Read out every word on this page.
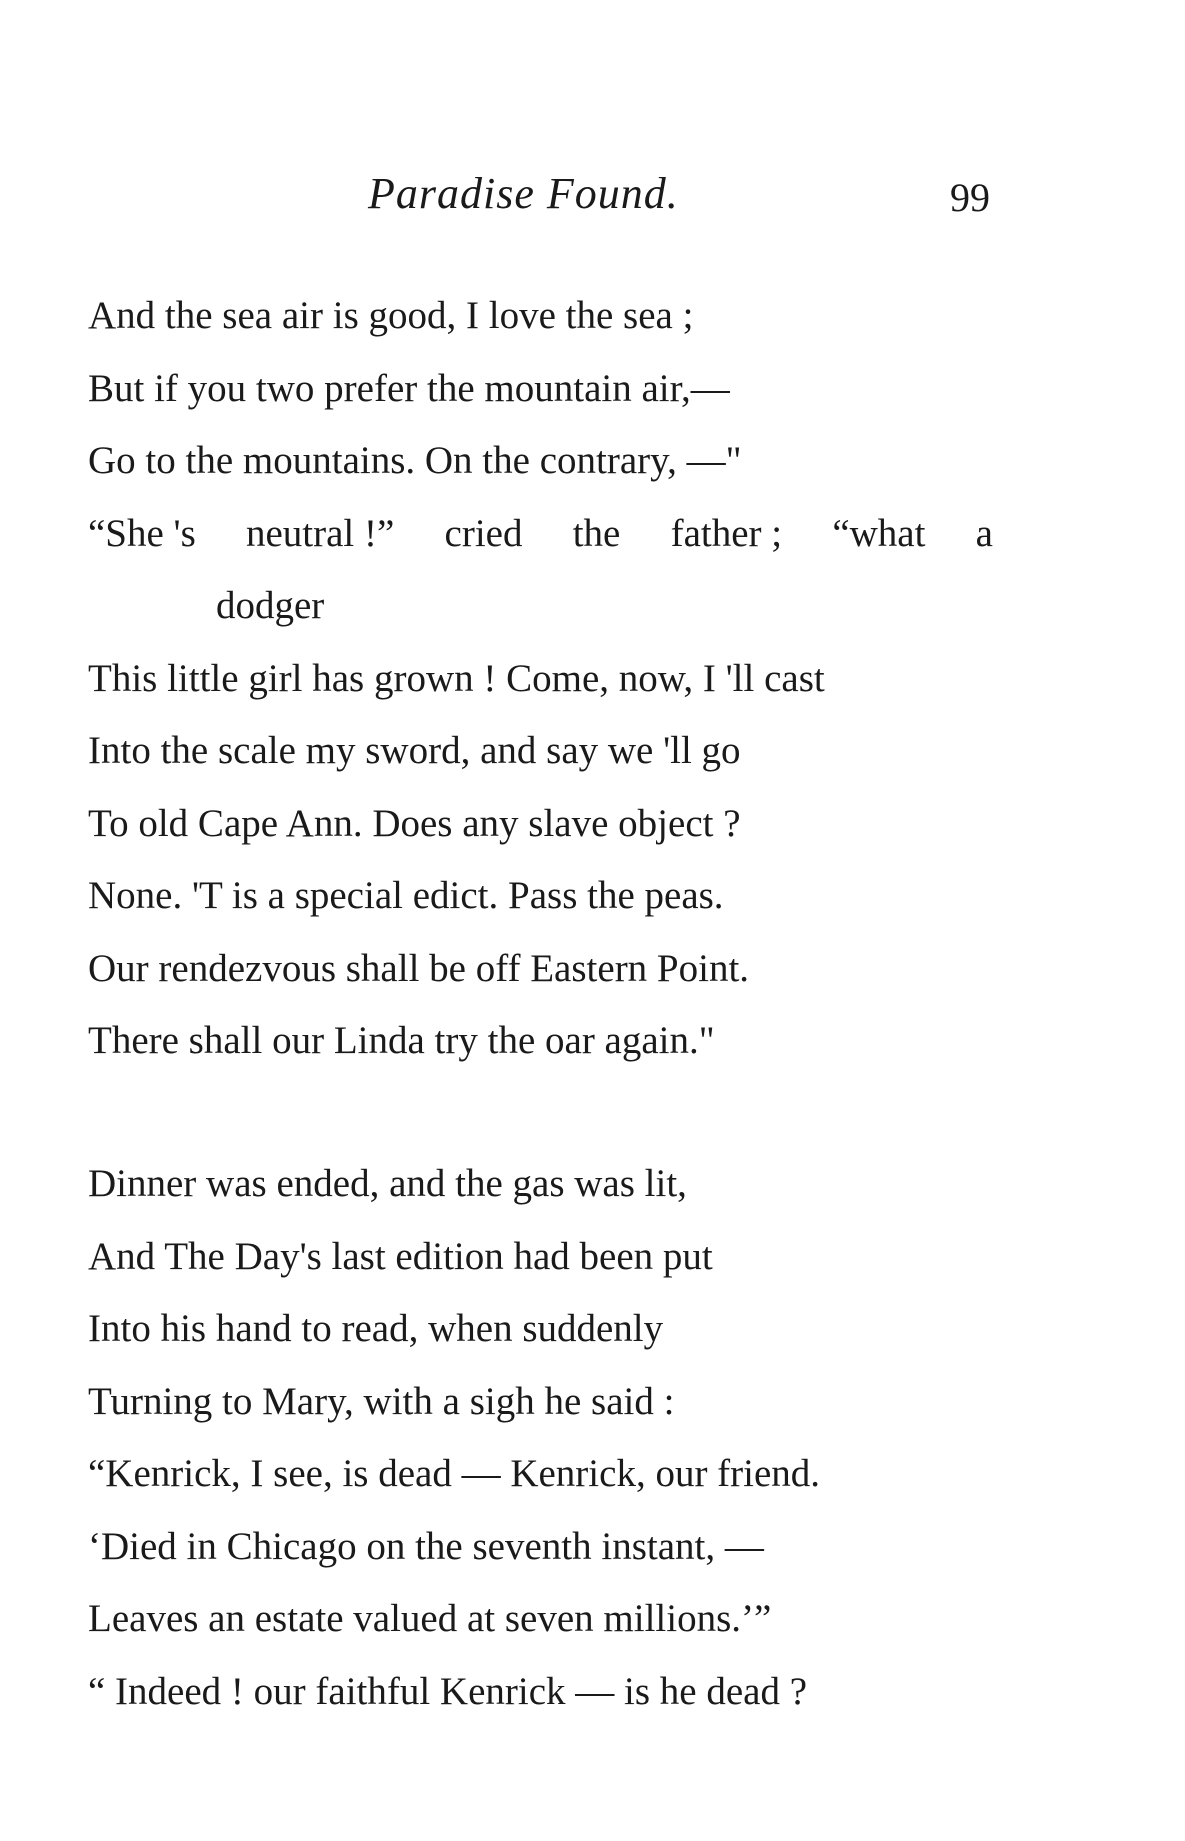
Paradise Found.	99
And the sea air is good, I love the sea ;
But if you two prefer the mountain air,—
Go to the mountains. On the contrary, —"
“She 's neutral !” cried the father ; “what a
dodger
This little girl has grown ! Come, now, I 'll cast
Into the scale my sword, and say we 'll go
To old Cape Ann. Does any slave object ?
None. 'T is a special edict. Pass the peas.
Our rendezvous shall be off Eastern Point.
There shall our Linda try the oar again."
Dinner was ended, and the gas was lit,
And The Day's last edition had been put
Into his hand to read, when suddenly
Turning to Mary, with a sigh he said :
“Kenrick, I see, is dead — Kenrick, our friend.
‘Died in Chicago on the seventh instant, —
Leaves an estate valued at seven millions.’”
“ Indeed ! our faithful Kenrick — is he dead ?
